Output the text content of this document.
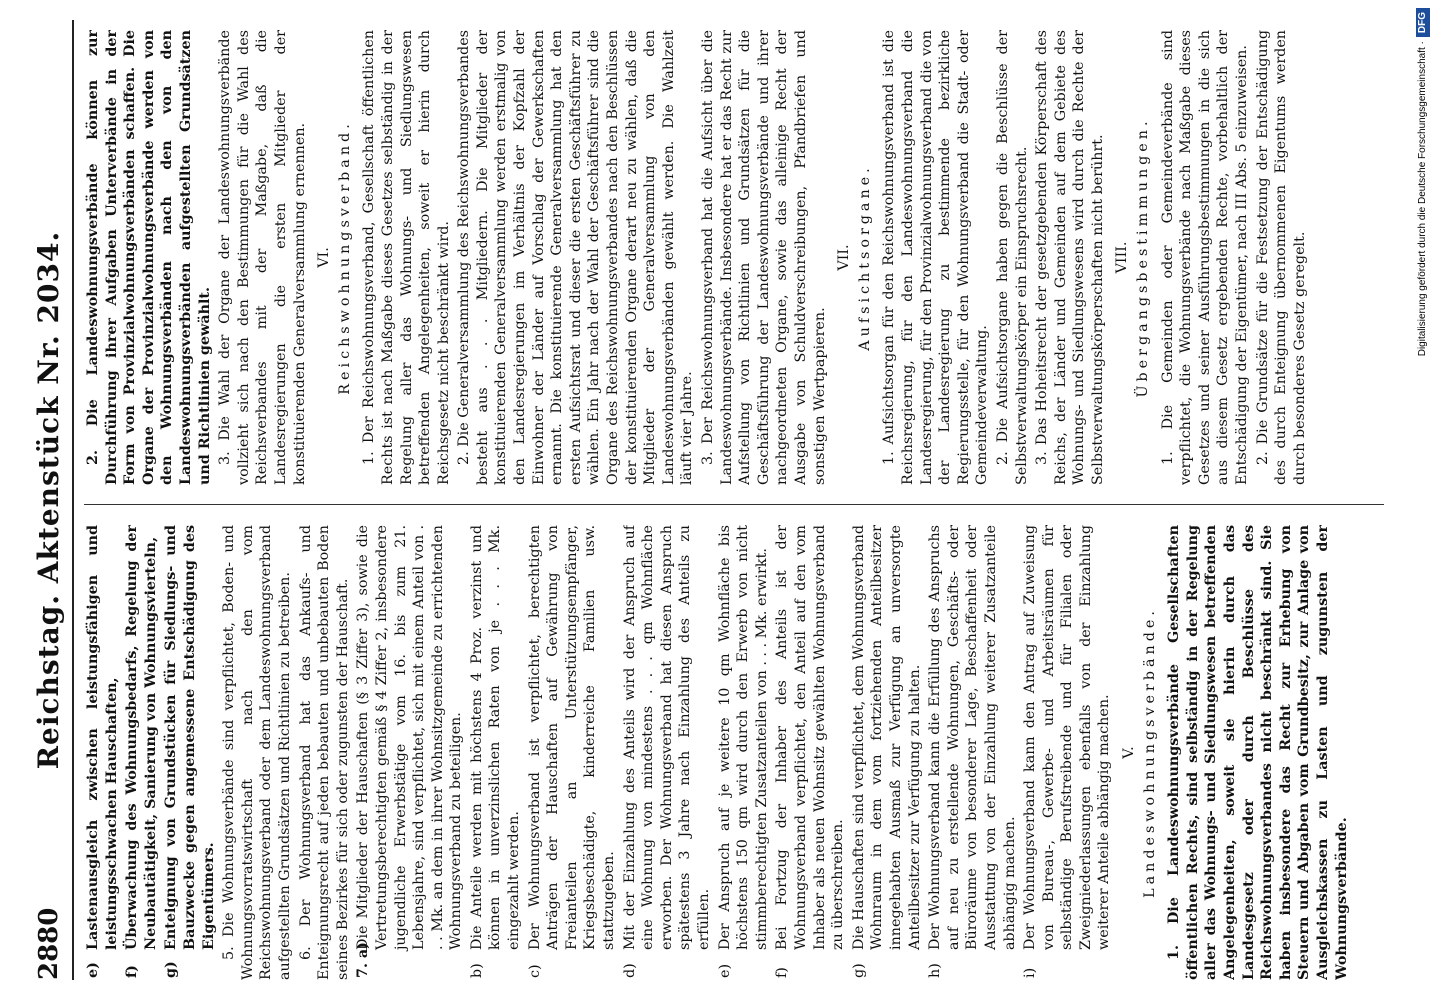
2880
Reichstag. Aktenstück Nr. 2034.

e)
Lastenausgleich zwischen leistungsfähigen und leistungsschwachen Hauschaften,

f)
Überwachung des Wohnungsbedarfs, Regelung der Neubautätigkeit, Sanierung von Wohnungsvierteln,

g)
Enteignung von Grundstücken für Siedlungs- und Bauzwecke gegen angemessene Entschädigung des Eigentümers. 5. Die Wohnungsverbände sind verpflichtet, Boden- und Wohnungsvorratswirtschaft nach den vom Reichswohnungsverband oder dem Landeswohnungsverband aufgestellten Grundsätzen und Richtlinien zu betreiben. 6. Der Wohnungsverband hat das Ankaufs- und Enteignungsrecht auf jeden bebauten und unbebauten Boden seines Bezirkes für sich oder zugunsten der Hauschaft. 7. a)
Die Mitglieder der Hauschaften (§ 3 Ziffer 3), sowie die Vertretungsberechtigten gemäß § 4 Ziffer 2, insbesondere jugendliche Erwerbstätige vom 16. bis zum 21. Lebensjahre, sind verpflichtet, sich mit einem Anteil von . . . Mk. an dem in ihrer Wohnsitzgemeinde zu errichtenden Wohnungsverband zu beteiligen.

b)
Die Anteile werden mit höchstens 4 Proz. verzinst und können in unverzinslichen Raten von je . . . Mk. eingezahlt werden.

c)
Der Wohnungsverband ist verpflichtet, berechtigten Anträgen der Hauschaften auf Gewährung von Freianteilen an Unterstützungsempfänger, Kriegsbeschädigte, kinderreiche Familien usw. stattzugeben.

d)
Mit der Einzahlung des Anteils wird der Anspruch auf eine Wohnung von mindestens . . . qm Wohnfläche erworben. Der Wohnungsverband hat diesen Anspruch spätestens 3 Jahre nach Einzahlung des Anteils zu erfüllen.

e)
Der Anspruch auf je weitere 10 qm Wohnfläche bis höchstens 150 qm wird durch den Erwerb von nicht stimmberechtigten Zusatzanteilen von . . . Mk. erwirkt.

f)
Bei Fortzug der Inhaber des Anteils ist der Wohnungsverband verpflichtet, den Anteil auf den vom Inhaber als neuen Wohnsitz gewählten Wohnungsverband zu überschreiben.

g)
Die Hauschaften sind verpflichtet, dem Wohnungsverband Wohnraum in dem vom fortziehenden Anteilbesitzer innegehabten Ausmaß zur Verfügung an unversorgte Anteilbesitzer zur Verfügung zu halten.

h)
Der Wohnungsverband kann die Erfüllung des Anspruchs auf neu zu erstellende Wohnungen, Geschäfts- oder Büroräume von besonderer Lage, Beschaffenheit oder Ausstattung von der Einzahlung weiterer Zusatzanteile abhängig machen.

i)
Der Wohnungsverband kann den Antrag auf Zuweisung von Bureau-, Gewerbe- und Arbeitsräumen für selbständige Berufstreibende und für Filialen oder Zweigniederlassungen ebenfalls von der Einzahlung weiterer Anteile abhängig machen. V. Landeswohnungsverbände. 1. Die Landeswohnungsverbände Gesellschaften öffentlichen Rechts, sind selbständig in der Regelung aller das Wohnungs- und Siedlungswesen betreffenden Angelegenheiten, soweit sie hierin durch das Landesgesetz oder durch Beschlüsse des Reichswohnungsverbandes nicht beschränkt sind. Sie haben insbesondere das Recht zur Erhebung von Steuern und Abgaben vom Grundbesitz, zur Anlage von Ausgleichskassen zu Lasten und zugunsten der Wohnungsverbände.

2. Die Landeswohnungsverbände können zur Durchführung ihrer Aufgaben Unterverbände in der Form von Provinzialwohnungsverbänden schaffen. Die Organe der Provinzialwohnungsverbände werden von den Wohnungsverbänden nach den von den Landeswohnungsverbänden aufgestellten Grundsätzen und Richtlinien gewählt. 3. Die Wahl der Organe der Landeswohnungsverbände vollzieht sich nach den Bestimmungen für die Wahl des Reichsverbandes mit der Maßgabe, daß die Landesregierungen die ersten Mitglieder der konstituierenden Generalversammlung ernennen. VI. Reichswohnungsverband. 1. Der Reichswohnungsverband, Gesellschaft öffentlichen Rechts ist nach Maßgabe dieses Gesetzes selbständig in der Regelung aller das Wohnungs- und Siedlungswesen betreffenden Angelegenheiten, soweit er hierin durch Reichsgesetz nicht beschränkt wird. 2. Die Generalversammlung des Reichswohnungsverbandes besteht aus . . . Mitgliedern. Die Mitglieder der konstituierenden Generalversammlung werden erstmalig von den Landesregierungen im Verhältnis der Kopfzahl der Einwohner der Länder auf Vorschlag der Gewerkschaften ernannt. Die konstituierende Generalversammlung hat den ersten Aufsichtsrat und dieser die ersten Geschäftsführer zu wählen. Ein Jahr nach der Wahl der Geschäftsführer sind die Organe des Reichswohnungsverbandes nach den Beschlüssen der konstituierenden Organe derart neu zu wählen, daß die Mitglieder der Generalversammlung von den Landeswohnungsverbänden gewählt werden. Die Wahlzeit läuft vier Jahre. 3. Der Reichswohnungsverband hat die Aufsicht über die Landeswohnungsverbände. Insbesondere hat er das Recht zur Aufstellung von Richtlinien und Grundsätzen für die Geschäftsführung der Landeswohnungsverbände und ihrer nachgeordneten Organe, sowie das alleinige Recht der Ausgabe von Schuldverschreibungen, Pfandbriefen und sonstigen Wertpapieren.

VII. Aufsichtsorgane. 1. Aufsichtsorgan für den Reichswohnungsverband ist die Reichsregierung, für den Landeswohnungsverband die Landesregierung, für den Provinzialwohnungsverband die von der Landesregierung zu bestimmende bezirkliche Regierungsstelle, für den Wohnungsverband die Stadt- oder Gemeindeverwaltung. 2. Die Aufsichtsorgane haben gegen die Beschlüsse der Selbstverwaltungskörper ein Einspruchsrecht. 3. Das Hoheitsrecht der gesetzgebenden Körperschaft des Reichs, der Länder und Gemeinden auf dem Gebiete des Wohnungs- und Siedlungswesens wird durch die Rechte der Selbstverwaltungskörperschaften nicht berührt. VIII. Übergangsbestimmungen. 1. Die Gemeinden oder Gemeindeverbände sind verpflichtet, die Wohnungsverbände nach Maßgabe dieses Gesetzes und seiner Ausführungsbestimmungen in die sich aus diesem Gesetz ergebenden Rechte, vorbehaltlich der Entschädigung der Eigentümer, nach III Abs. 5 einzuweisen. 2. Die Grundsätze für die Festsetzung der Entschädigung des durch Enteignung übernommenen Eigentums werden durch besonderes Gesetz geregelt.

Digitalisierung gefördert durch die Deutsche Forschungsgemeinschaft ·DFG
